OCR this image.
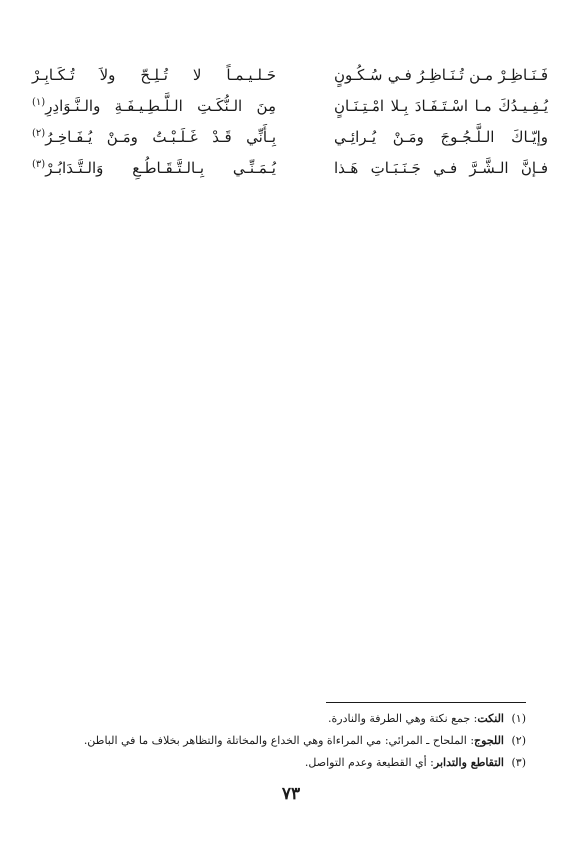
فَـنَـاظِـرْ مـن تُـنَـاظِـرُ فـي سُـكُـونٍ
حَـلـيـمـاً لا تُـلِـحّ ولاَ تُـكَـابِـرْ
يُـفِـيـدُكَ مـا اسْـتَـفَـادَ بِـلا امْـتِـنَـانٍ
مِنَ الـنُّكَـتِ الـلَّـطِـيـفَـةِ والـنَّـوَادِرِ$^{(١)}$
وإيّـاكَ الـلَّـجُـوجَ ومَـنْ يُـرائِـي
بِـأَنِّي قَـدْ غَـلَـبْـتُ ومَـنْ يُـفَـاخِـرُ$^{(٢)}$
فـإنَّ الـشَّـرَّ فـي جَـنَـبَـاتِ هَـذا
يُـمَـنِّـي بِـالـتَّـقَـاطُـعِ وَالـتَّـدَابُـرْ$^{(٣)}$
(١) النكت: جمع نكتة وهي الطرفة والنادرة.
(٢) اللجوج: الملحاح ـ المرائي: مي المراءاة وهي الخداع والمخاتلة والتظاهر بخلاف ما في الباطن.
(٣) التقاطع والتدابر: أي القطيعة وعدم التواصل.
٧٣
